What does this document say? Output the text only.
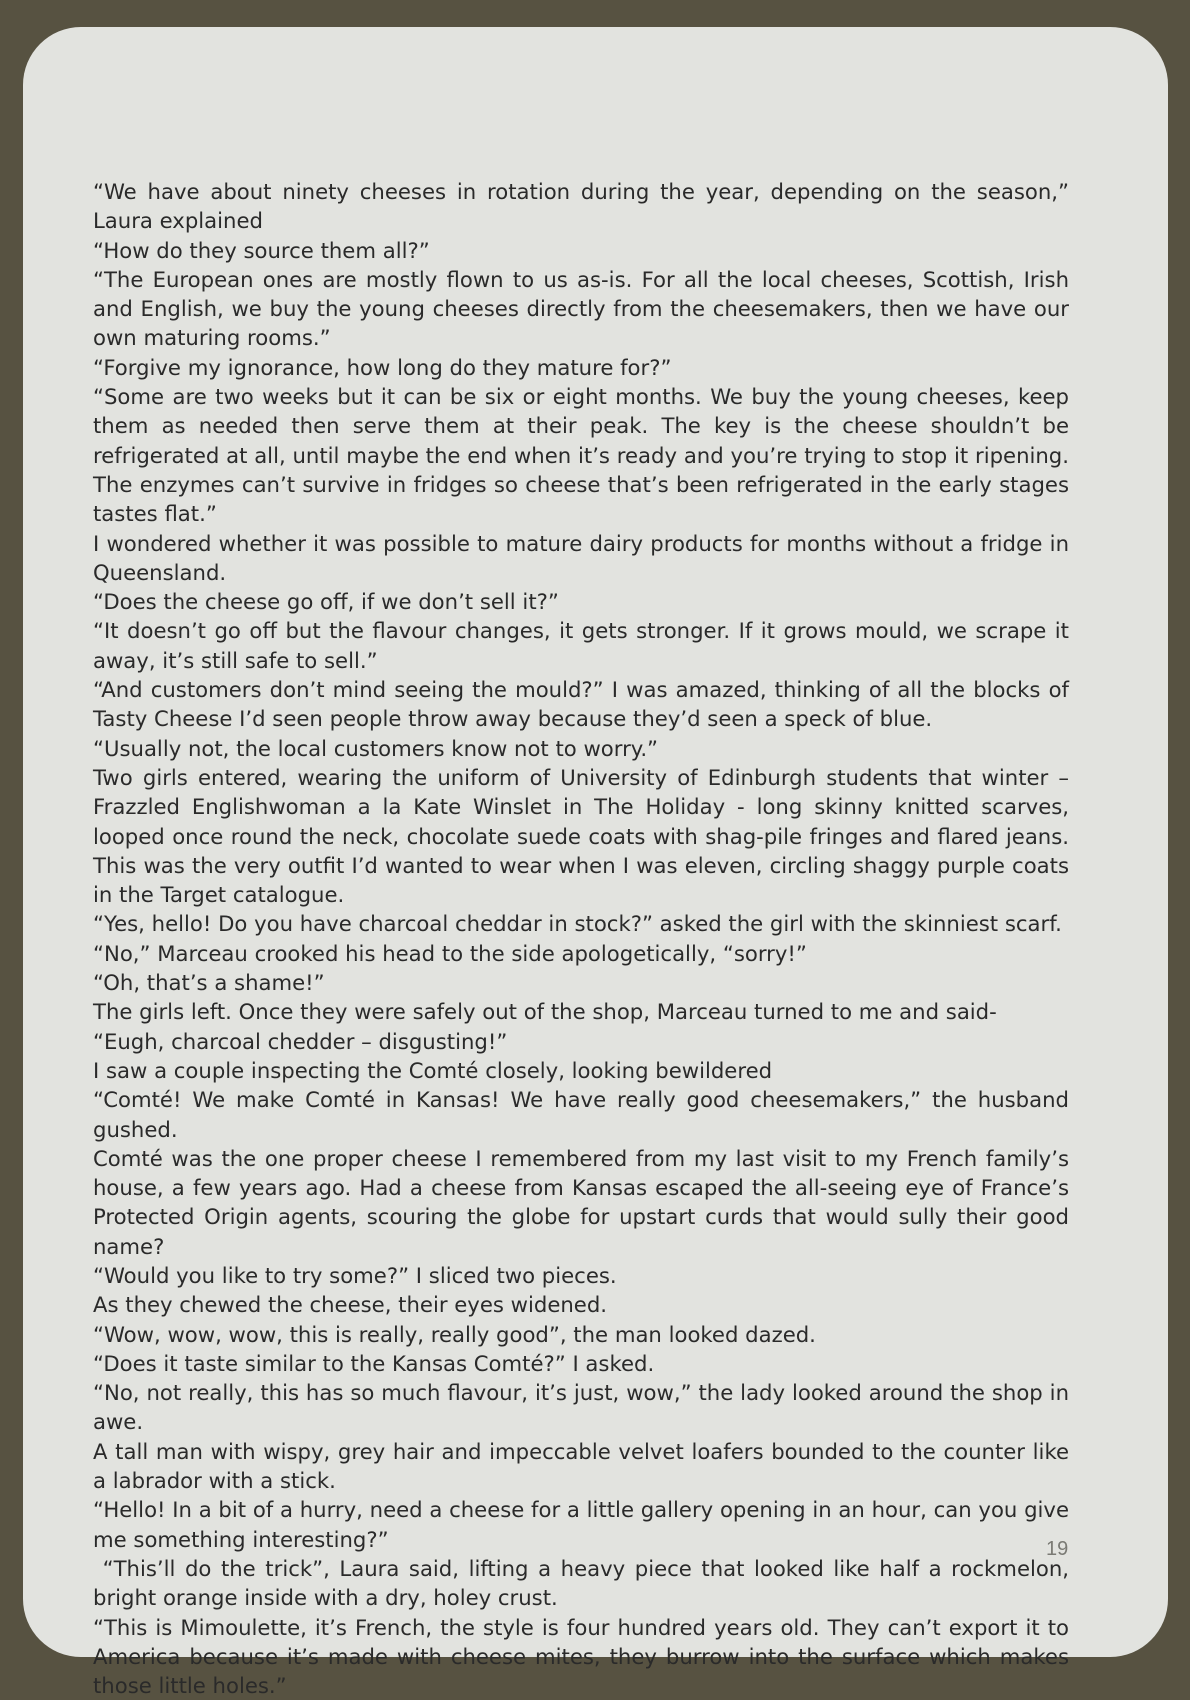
“We have about ninety cheeses in rotation during the year, depending on the season,” Laura explained

“How do they source them all?”

“The European ones are mostly flown to us as-is. For all the local cheeses, Scottish, Irish and English, we buy the young cheeses directly from the cheesemakers, then we have our own maturing rooms.”

“Forgive my ignorance, how long do they mature for?”

“Some are two weeks but it can be six or eight months. We buy the young cheeses, keep them as needed then serve them at their peak. The key is the cheese shouldn’t be refrigerated at all, until maybe the end when it’s ready and you’re trying to stop it ripening. The enzymes can’t survive in fridges so cheese that’s been refrigerated in the early stages tastes flat.”

I wondered whether it was possible to mature dairy products for months without a fridge in Queensland.

“Does the cheese go off, if we don’t sell it?”

“It doesn’t go off but the flavour changes, it gets stronger. If it grows mould, we scrape it away, it’s still safe to sell.”

“And customers don’t mind seeing the mould?” I was amazed, thinking of all the blocks of Tasty Cheese I’d seen people throw away because they’d seen a speck of blue.

“Usually not, the local customers know not to worry.”

Two girls entered, wearing the uniform of University of Edinburgh students that winter – Frazzled Englishwoman a la Kate Winslet in The Holiday - long skinny knitted scarves, looped once round the neck, chocolate suede coats with shag-pile fringes and flared jeans. This was the very outfit I’d wanted to wear when I was eleven, circling shaggy purple coats in the Target catalogue.

“Yes, hello! Do you have charcoal cheddar in stock?” asked the girl with the skinniest scarf.

“No,” Marceau crooked his head to the side apologetically, “sorry!”

“Oh, that’s a shame!”

The girls left. Once they were safely out of the shop, Marceau turned to me and said-

“Eugh, charcoal chedder – disgusting!”

I saw a couple inspecting the Comté closely, looking bewildered

“Comté! We make Comté in Kansas! We have really good cheesemakers,” the husband gushed.

Comté was the one proper cheese I remembered from my last visit to my French family’s house, a few years ago. Had a cheese from Kansas escaped the all-seeing eye of France’s Protected Origin agents, scouring the globe for upstart curds that would sully their good name?

“Would you like to try some?” I sliced two pieces.

As they chewed the cheese, their eyes widened.

“Wow, wow, wow, this is really, really good”, the man looked dazed.

“Does it taste similar to the Kansas Comté?” I asked.

“No, not really, this has so much flavour, it’s just, wow,” the lady looked around the shop in awe.

A tall man with wispy, grey hair and impeccable velvet loafers bounded to the counter like a labrador with a stick.

“Hello! In a bit of a hurry, need a cheese for a little gallery opening in an hour, can you give me something interesting?”

“This’ll do the trick”, Laura said, lifting a heavy piece that looked like half a rockmelon, bright orange inside with a dry, holey crust.

“This is Mimoulette, it’s French, the style is four hundred years old. They can’t export it to America because it’s made with cheese mites, they burrow into the surface which makes those little holes.”

19
